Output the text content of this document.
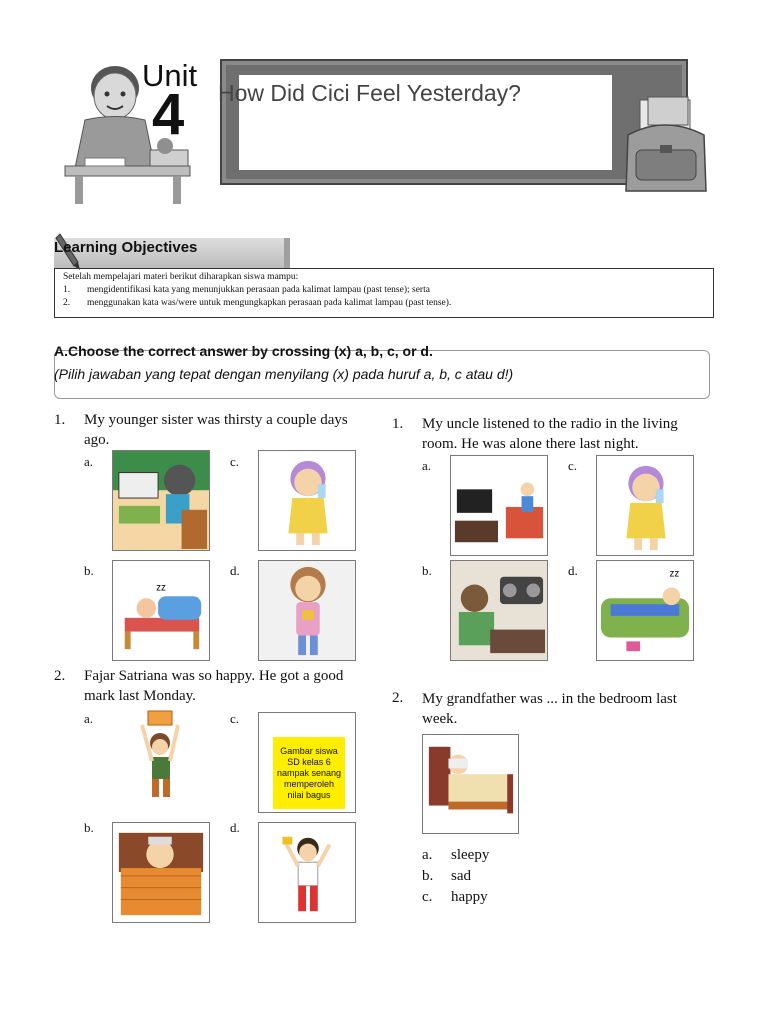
Unit
4 How Did Cici Feel Yesterday?
Learning Objectives
Setelah mempelajari materi berikut diharapkan siswa mampu:
1.	mengidentifikasi kata yang menunjukkan perasaan pada kalimat lampau (past tense); serta
2.	menggunakan kata was/were untuk mengungkapkan perasaan pada kalimat lampau (past tense).
A.Choose the correct answer by crossing (x) a, b, c, or d.
(Pilih jawaban yang tepat dengan menyilang (x) pada huruf a, b, c atau d!)
1. My younger sister was thirsty a couple days
ago.
a.
b.
zz
c.
d.
2. Fajar Satriana was so happy. He got a good
mark last Monday.
a.
b.
c.
Gambar siswa SD kelas 6 nampak senang memperoleh nilai bagus
d.
1. My uncle listened to the radio in the living
room. He was alone there last night.
a.
b.
c.
d.	zz
2. My grandfather was ... in the bedroom last
week.
a. sleepy
b. sad
c. happy
